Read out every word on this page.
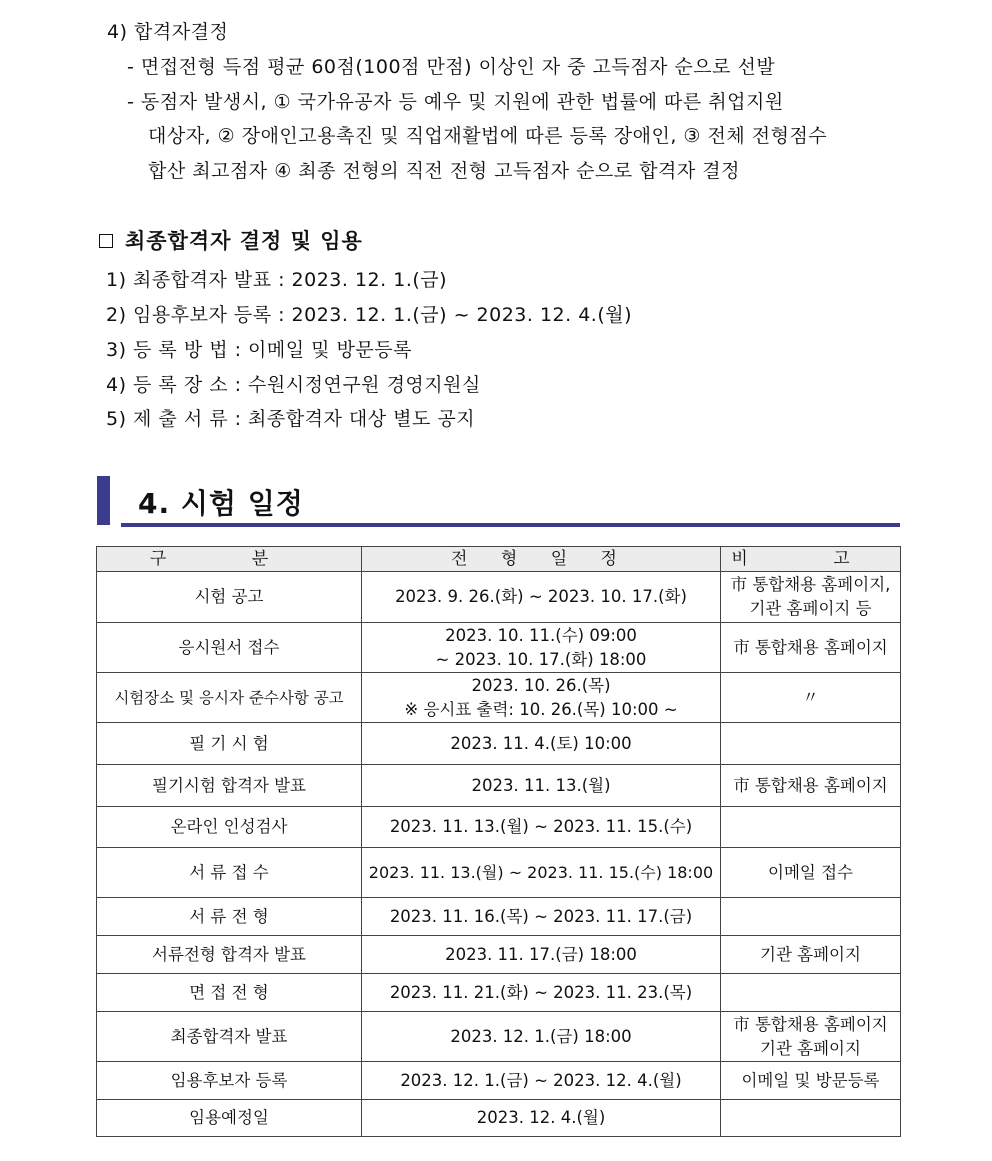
4) 합격자결정
- 면접전형 득점 평균 60점(100점 만점) 이상인 자 중 고득점자 순으로 선발
- 동점자 발생시, ① 국가유공자 등 예우 및 지원에 관한 법률에 따른 취업지원
대상자, ② 장애인고용촉진 및 직업재활법에 따른 등록 장애인, ③ 전체 전형점수
합산 최고점자 ④ 최종 전형의 직전 전형 고득점자 순으로 합격자 결정
최종합격자 결정 및 임용
1) 최종합격자 발표 : 2023. 12. 1.(금)
2) 임용후보자 등록 : 2023. 12. 1.(금) ~ 2023. 12. 4.(월)
3) 등 록 방 법 : 이메일 및 방문등록
4) 등 록 장 소 : 수원시정연구원 경영지원실
5) 제 출 서 류 : 최종합격자 대상 별도 공지
4. 시험 일정
구 분	전 형 일 정	비 고
시험 공고	2023. 9. 26.(화) ~ 2023. 10. 17.(화)	市 통합채용 홈페이지,
기관 홈페이지 등

응시원서 접수	2023. 10. 11.(수) 09:00
~ 2023. 10. 17.(화) 18:00	市 통합채용 홈페이지

시험장소 및 응시자 준수사항 공고	2023. 10. 26.(목)
※ 응시표 출력: 10. 26.(목) 10:00 ~	〃

필 기 시 험	2023. 11. 4.(토) 10:00	

필기시험 합격자 발표	2023. 11. 13.(월)	市 통합채용 홈페이지

온라인 인성검사	2023. 11. 13.(월) ~ 2023. 11. 15.(수)	

서 류 접 수	2023. 11. 13.(월) ~ 2023. 11. 15.(수) 18:00	이메일 접수

서 류 전 형	2023. 11. 16.(목) ~ 2023. 11. 17.(금)	

서류전형 합격자 발표	2023. 11. 17.(금) 18:00	기관 홈페이지

면 접 전 형	2023. 11. 21.(화) ~ 2023. 11. 23.(목)	

최종합격자 발표	2023. 12. 1.(금) 18:00	市 통합채용 홈페이지
기관 홈페이지

임용후보자 등록	2023. 12. 1.(금) ~ 2023. 12. 4.(월)	이메일 및 방문등록

임용예정일	2023. 12. 4.(월)	
